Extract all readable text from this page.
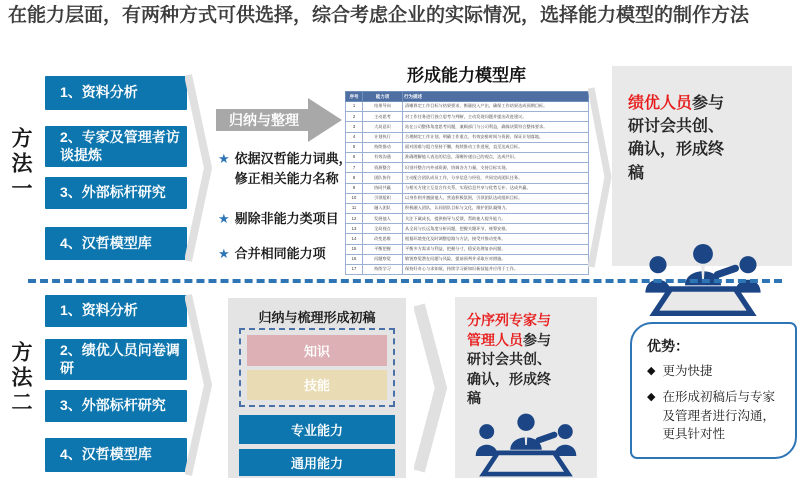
在能力层面，有两种方式可供选择，综合考虑企业的实际情况，选择能力模型的制作方法
方法一
1、资料分析
2、专家及管理者访谈提炼
3、外部标杆研究
4、汉哲模型库
归纳与整理
★ 依据汉哲能力词典，修正相关能力名称
★ 剔除非能力类项目
★ 合并相同能力项
形成能力模型库
序号	能力项	行为描述
1	结果导向	清晰界定工作目标与结果要求，衡量投入产出，确保工作结果达成预期目标。
2	主动思考	对工作任务进行独立思考与判断，主动发现问题并提出改进建议。
3	大局意识	站在公司整体角度思考问题，兼顾部门与公司利益，确保决策符合整体要求。
4	计划执行	合理制定工作计划，明确工作重点，有效安排时间与资源，保证计划落地。
5	持续推动	面对困难与阻力坚持不懈，持续推动工作进展，直至达成目标。
6	有效沟通	准确理解他人表达的信息，清晰传递自己的观点，达成共识。
7	资源整合	识别并整合内外部资源，协调各方力量，支持目标实现。
8	团队协作	主动配合团队成员工作，分享信息与经验，共同完成团队任务。
9	协同共赢	与相关方建立互信合作关系，实现信息共享与优势互补，达成共赢。
10	引领组织	以身作则并激励他人，营造积极氛围，引领团队达成组织目标。
11	融入团队	积极融入团队，认同团队目标与文化，维护团队凝聚力。
12	发展他人	关注下属成长，提供指导与反馈，帮助他人提升能力。
13	全局视点	从全局与长远角度分析问题，把握关键环节，统筹安排。
14	改变思维	根据环境变化及时调整思路与方法，接受并推动变革。
15	平衡把握	平衡多方需求与利益，把握分寸，稳妥处理复杂问题。
16	问题察觉	敏锐察觉潜在问题与风险，提前预判并采取应对措施。
17	持续学习	保持好奇心与求知欲，持续学习新知识新技能并应用于工作。
绩优人员参与研讨会共创、确认，形成终稿
方法二
1、资料分析
2、绩优人员问卷调研
3、外部标杆研究
4、汉哲模型库
归纳与梳理形成初稿
知识
技能
专业能力
通用能力
分序列专家与管理人员参与研讨会共创、确认，形成终稿
优势：
◆ 更为快捷
◆ 在形成初稿后与专家及管理者进行沟通，更具针对性
